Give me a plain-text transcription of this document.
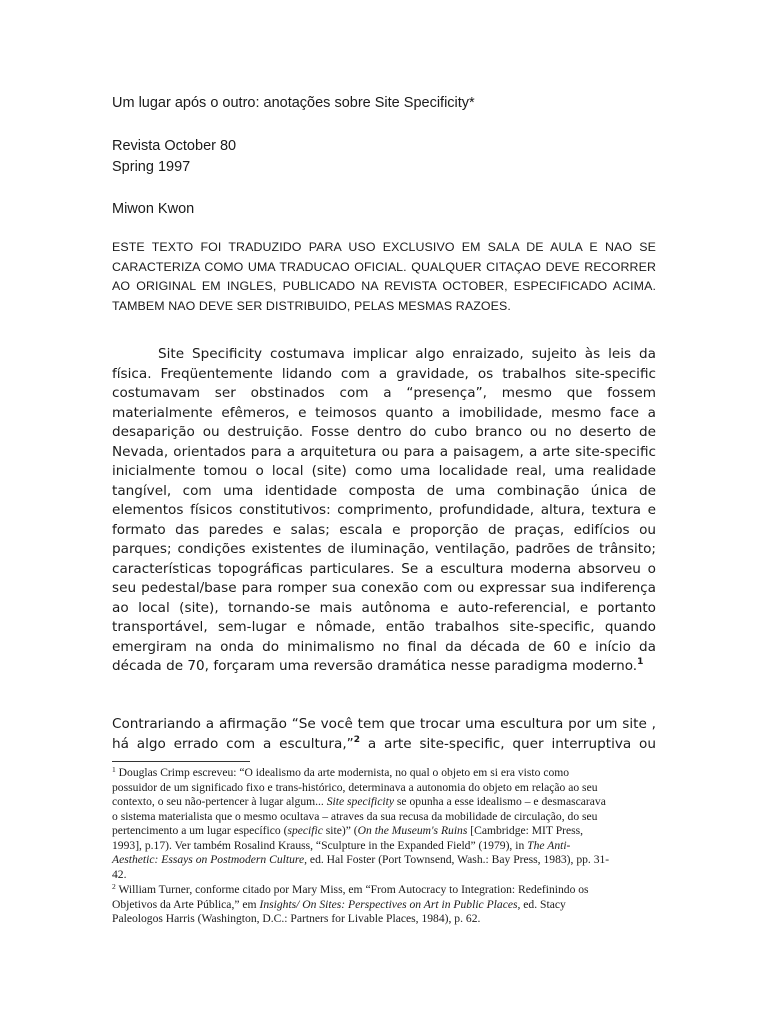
Um lugar após o outro: anotações sobre Site Specificity*
Revista October 80
Spring 1997
Miwon Kwon
ESTE TEXTO FOI TRADUZIDO PARA USO EXCLUSIVO EM SALA DE AULA E NAO SE CARACTERIZA COMO UMA TRADUCAO OFICIAL. QUALQUER CITAÇAO DEVE RECORRER AO ORIGINAL EM INGLES, PUBLICADO NA REVISTA OCTOBER, ESPECIFICADO ACIMA. TAMBEM NAO DEVE SER DISTRIBUIDO, PELAS MESMAS RAZOES.
Site Specificity costumava implicar algo enraizado, sujeito às leis da física. Freqüentemente lidando com a gravidade, os trabalhos site-specific costumavam ser obstinados com a “presença”, mesmo que fossem materialmente efêmeros, e teimosos quanto a imobilidade, mesmo face a desaparição ou destruição. Fosse dentro do cubo branco ou no deserto de Nevada, orientados para a arquitetura ou para a paisagem, a arte site-specific inicialmente tomou o local (site) como uma localidade real, uma realidade tangível, com uma identidade composta de uma combinação única de elementos físicos constitutivos: comprimento, profundidade, altura, textura e formato das paredes e salas; escala e proporção de praças, edifícios ou parques; condições existentes de iluminação, ventilação, padrões de trânsito; características topográficas particulares. Se a escultura moderna absorveu o seu pedestal/base para romper sua conexão com ou expressar sua indiferença ao local (site), tornando-se mais autônoma e auto-referencial, e portanto transportável, sem-lugar e nômade, então trabalhos site-specific, quando emergiram na onda do minimalismo no final da década de 60 e início da década de 70, forçaram uma reversão dramática nesse paradigma moderno.$^1$
Contrariando a afirmação “Se você tem que trocar uma escultura por um site , há algo errado com a escultura,”$^2$ a arte site-specific, quer interruptiva ou
$^1$ Douglas Crimp escreveu: “O idealismo da arte modernista, no qual o objeto em si era visto como possuidor de um significado fixo e trans-histórico, determinava a autonomia do objeto em relação ao seu contexto, o seu não-pertencer à lugar algum... Site specificity se opunha a esse idealismo – e desmascarava o sistema materialista que o mesmo ocultava – atraves da sua recusa da mobilidade de circulação, do seu pertencimento a um lugar específico (specific site)” (On the Museum's Ruins [Cambridge: MIT Press, 1993], p.17). Ver também Rosalind Krauss, “Sculpture in the Expanded Field” (1979), in The Anti-Aesthetic: Essays on Postmodern Culture, ed. Hal Foster (Port Townsend, Wash.: Bay Press, 1983), pp. 31-42.
$^2$ William Turner, conforme citado por Mary Miss, em “From Autocracy to Integration: Redefinindo os Objetivos da Arte Pública,” em Insights/ On Sites: Perspectives on Art in Public Places, ed. Stacy Paleologos Harris (Washington, D.C.: Partners for Livable Places, 1984), p. 62.
